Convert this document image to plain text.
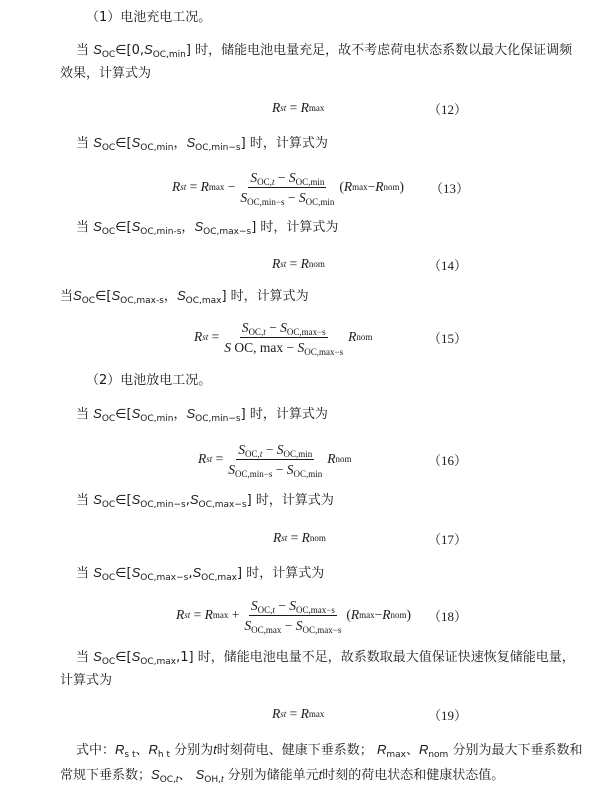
（1）电池充电工况。
当 $S_{OC}\in[0,S_{OC,min}]$ 时，储能电池电量充足，故不考虑荷电状态系数以最大化保证调频
效果，计算式为
R st = R max	（12）
当 $S_{OC}\in[S_{OC,min}$，$S_{OC,min-s}$] 时，计算式为
R st = R $\max - \frac{S_{OC,t} - S_{OC,min}}{S_{OC,min-s} - S_{OC,min}}$ ( R max − R nom ) （13）
当 $S_{OC}\in[S_{OC,min-s}$，$S_{OC,max-s}$] 时，计算式为
R st = R nom	（14）
当$S_{OC}\in[S_{OC,max-s}$，$S_{OC,max}$] 时，计算式为
R st = $\frac{S_{OC,t} - S_{OC,max-s}}{S OC, \max - S_{OC,max-s}}$ R nom	（15）
（2）电池放电工况。
当 $S_{OC}\in[S_{OC,min}$，$S_{OC,min-s}$] 时，计算式为
R st = $\frac{S_{OC,t} - S_{OC,min}}{S_{OC,min-s} - S_{OC,min}}$ R nom	（16）
当 $S_{OC}\in[S_{OC,min-s},S_{OC,max-s}]$ 时，计算式为
R st = R nom	（17）
当 $S_{OC}\in[S_{OC,max-s},S_{OC,max}]$ 时，计算式为
R st = R $\max + \frac{S_{OC,t} - S_{OC,max-s}}{S_{OC,max} - S_{OC,max-s}}$ ( R max − R nom ) （18）
当 $S_{OC}\in[S_{OC,max},1]$ 时，储能电池电量不足，故系数取最大值保证快速恢复储能电量，
计算式为
R st = R max	（19）
式中：$R_{s t}$、$R_{h t}$ 分别为t时刻荷电、健康下垂系数； $R_{max}$、$R_{nom}$ 分别为最大下垂系数和
常规下垂系数；$S_{OC,t}$、 $S_{OH,t}$ 分别为储能单元t时刻的荷电状态和健康状态值。
